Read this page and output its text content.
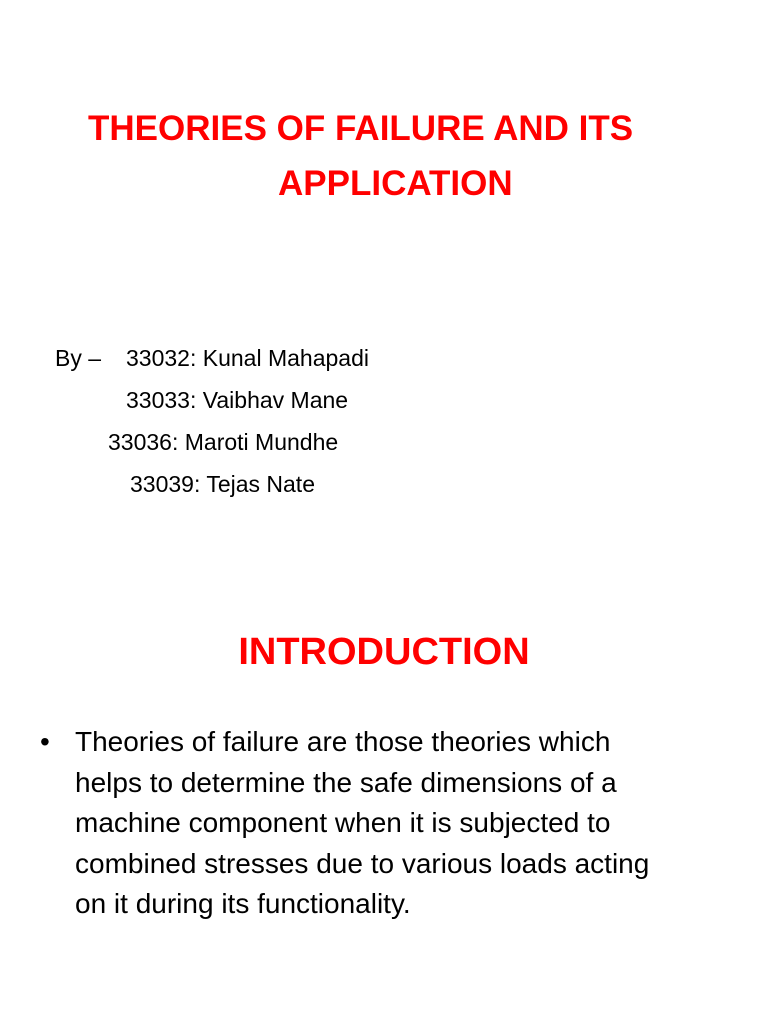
THEORIES OF FAILURE AND ITS
APPLICATION
By – 33032: Kunal Mahapadi
33033: Vaibhav Mane
33036: Maroti Mundhe
33039: Tejas Nate
INTRODUCTION
• Theories of failure are those theories which
helps to determine the safe dimensions of a
machine component when it is subjected to
combined stresses due to various loads acting
on it during its functionality.
